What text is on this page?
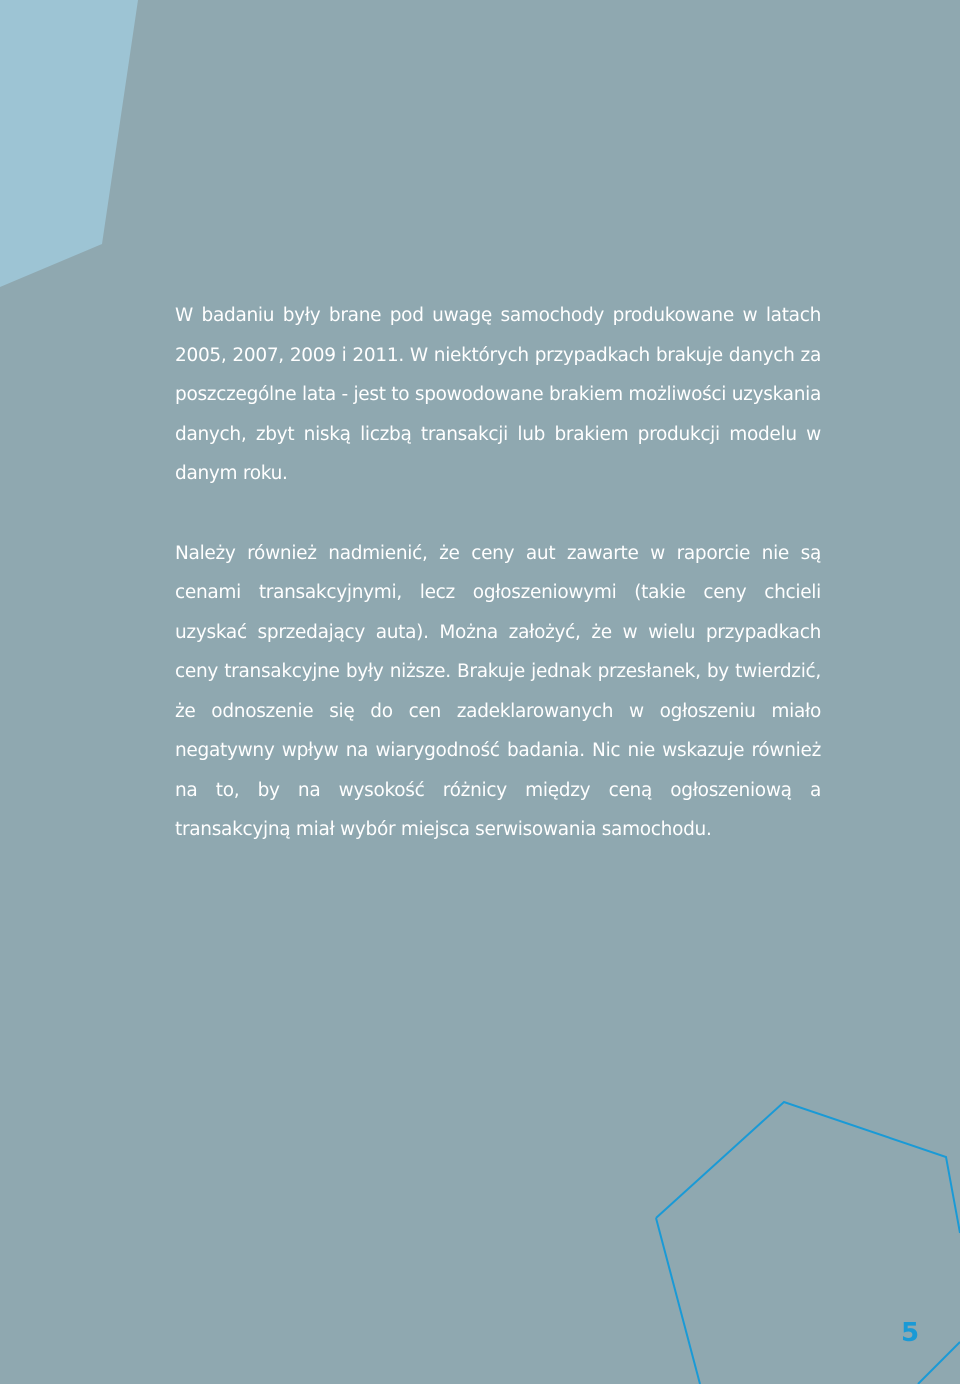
W badaniu były brane pod uwagę samochody produkowane w latach 2005, 2007, 2009 i 2011. W niektórych przypadkach brakuje danych za poszczególne lata - jest to spowodowane brakiem możliwości uzyskania danych, zbyt niską liczbą transakcji lub brakiem produkcji modelu w danym roku.

Należy również nadmienić, że ceny aut zawarte w raporcie nie są cenami transakcyjnymi, lecz ogłoszeniowymi (takie ceny chcieli uzyskać sprzedający auta). Można założyć, że w wielu przypadkach ceny transakcyjne były niższe. Brakuje jednak przesłanek, by twierdzić, że odnoszenie się do cen zadeklarowanych w ogłoszeniu miało negatywny wpływ na wiarygodność badania. Nic nie wskazuje również na to, by na wysokość różnicy między ceną ogłoszeniową a transakcyjną miał wybór miejsca serwisowania samochodu.

5
